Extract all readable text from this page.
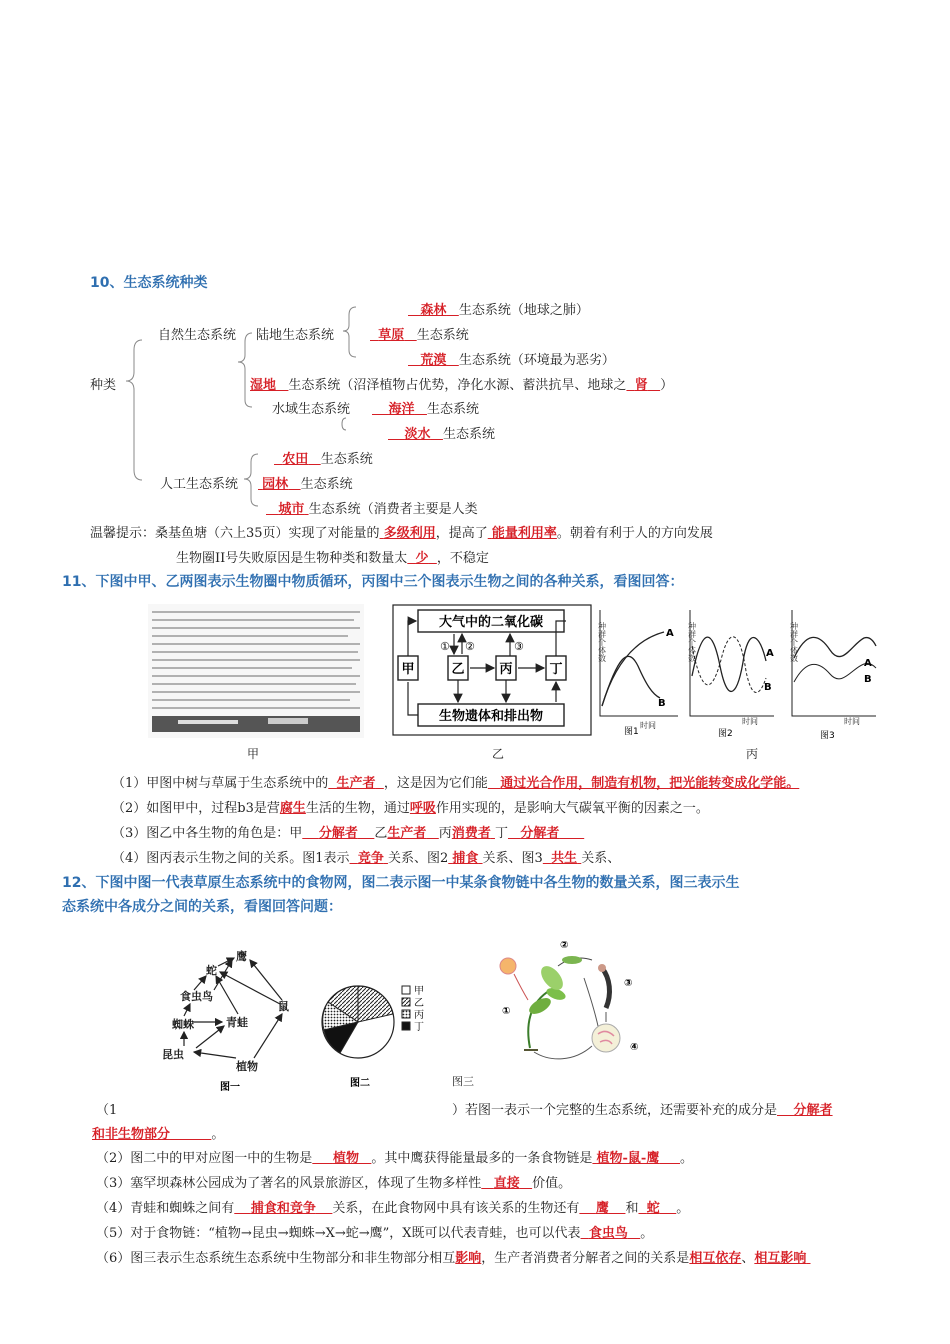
10、生态系统种类
森林 生态系统（地球之肺）
自然生态系统 陆地生态系统	草原 生态系统
荒漠 生态系统（环境最为恶劣）
种类	湿地 生态系统（沼泽植物占优势，净化水源、蓄洪抗旱、地球之 肾 ）
水域生态系统	海洋 生态系统
淡水 生态系统
农田 生态系统
人工生态系统	园林 生态系统
城市 生态系统（消费者主要是人类
温馨提示：桑基鱼塘（六上35页）实现了对能量的 多级利用，提高了 能量利用率。朝着有利于人的方向发展
生物圈II号失败原因是生物种类和数量太 少 ，不稳定
11、下图中甲、乙两图表示生物圈中物质循环，丙图中三个图表示生物之间的各种关系，看图回答：
甲
大气中的二氧化碳
生物遗体和排出物
甲	乙	丙	丁
① ②	③
乙
种群个体数	种群个体数	种群个体数
时间	时间	时间
A
B
图1
A
B
图2
A
B
图3
丙
（1）甲图中树与草属于生态系统中的 生产者 ，这是因为它们能 通过光合作用，制造有机物，把光能转变成化学能。
（2）如图甲中，过程b3是营腐生生活的生物，通过呼吸作用实现的，是影响大气碳氧平衡的因素之一。
（3）图乙中各生物的角色是：甲 分解者 乙生产者 丙消费者 丁 分解者
（4）图丙表示生物之间的关系。图1表示 竞争 关系、图2 捕食 关系、图3 共生 关系、
12、下图中图一代表草原生态系统中的食物网，图二表示图一中某条食物链中各生物的数量关系，图三表示生
态系统中各成分之间的关系，看图回答问题：
鹰
蛇
食虫鸟
蜘蛛	青蛙
鼠
昆虫
植物
图一
甲
乙
丙
丁
图二
②
①
③
④
图三
（1	）若图一表示一个完整的生态系统，还需要补充的成分是 分解者
和非生物部分	。
（2）图二中的甲对应图一中的生物是 植物 。其中鹰获得能量最多的一条食物链是 植物-鼠-鹰 。
（3）塞罕坝森林公园成为了著名的风景旅游区，体现了生物多样性 直接 价值。
（4）青蛙和蜘蛛之间有 捕食和竞争 关系，在此食物网中具有该关系的生物还有 鹰 和 蛇 。
（5）对于食物链：“植物→昆虫→蜘蛛→X→蛇→鹰”，X既可以代表青蛙，也可以代表 食虫鸟 。
（6）图三表示生态系统生态系统中生物部分和非生物部分相互影响，生产者消费者分解者之间的关系是相互依存、相互影响
